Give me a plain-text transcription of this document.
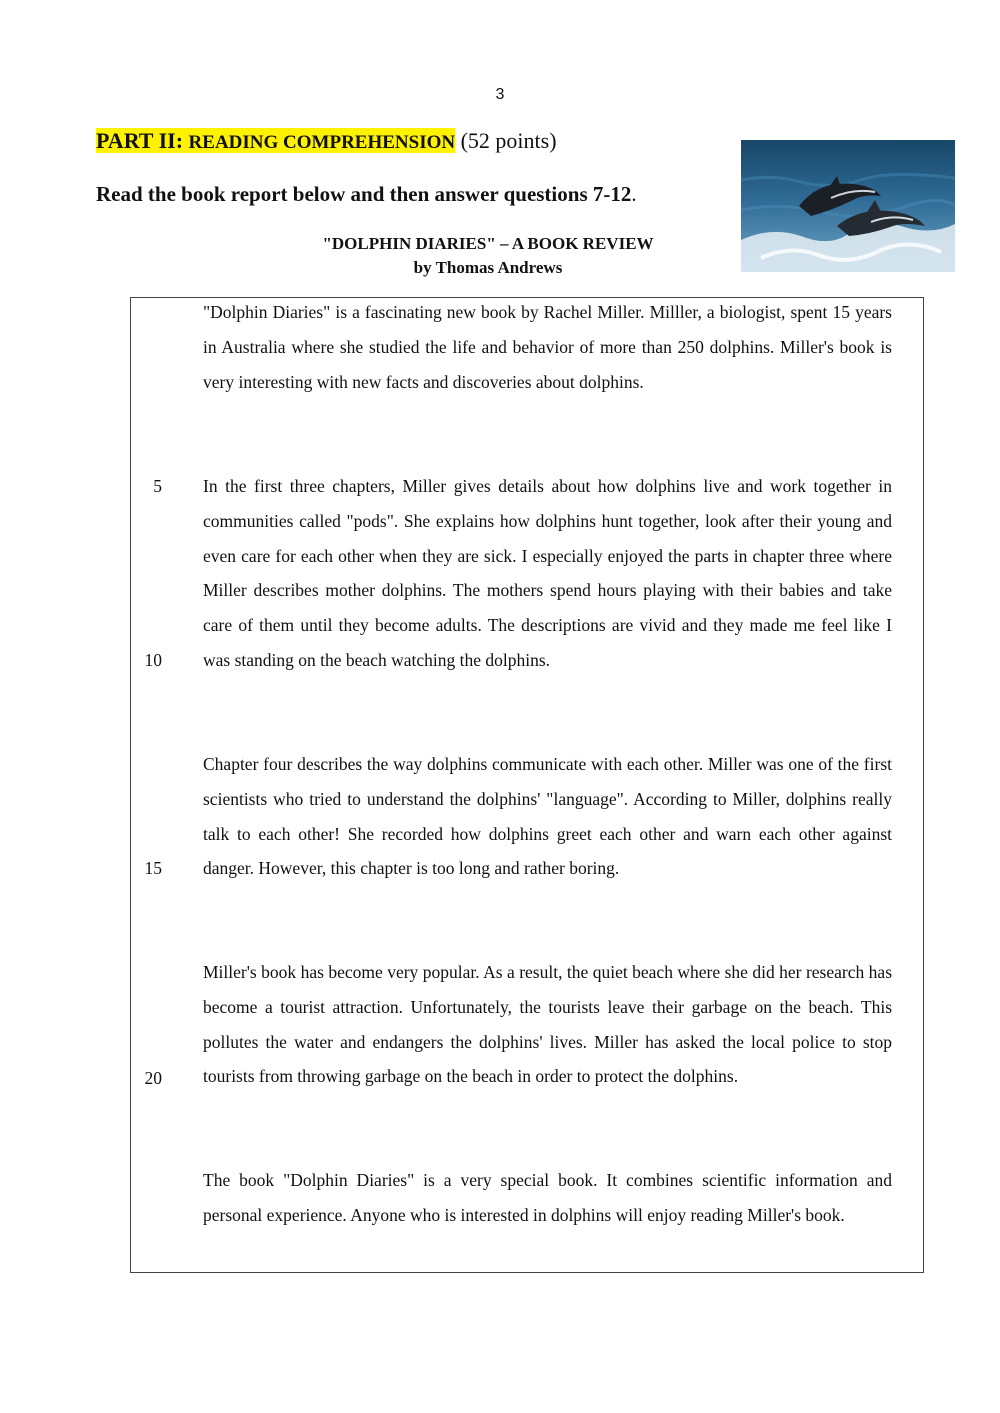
3
PART II: READING COMPREHENSION (52 points)
Read the book report below and then answer questions 7-12.
"DOLPHIN DIARIES" – A BOOK REVIEW
by Thomas Andrews
5
10
15
20

"Dolphin Diaries" is a fascinating new book by Rachel Miller. Milller, a biologist, spent 15 years in Australia where she studied the life and behavior of more than 250 dolphins. Miller's book is very interesting with new facts and discoveries about dolphins.

In the first three chapters, Miller gives details about how dolphins live and work together in communities called "pods". She explains how dolphins hunt together, look after their young and even care for each other when they are sick. I especially enjoyed the parts in chapter three where Miller describes mother dolphins. The mothers spend hours playing with their babies and take care of them until they become adults. The descriptions are vivid and they made me feel like I was standing on the beach watching the dolphins.

Chapter four describes the way dolphins communicate with each other. Miller was one of the first scientists who tried to understand the dolphins' "language". According to Miller, dolphins really talk to each other! She recorded how dolphins greet each other and warn each other against danger. However, this chapter is too long and rather boring.

Miller's book has become very popular. As a result, the quiet beach where she did her research has become a tourist attraction. Unfortunately, the tourists leave their garbage on the beach. This pollutes the water and endangers the dolphins' lives. Miller has asked the local police to stop tourists from throwing garbage on the beach in order to protect the dolphins.

The book "Dolphin Diaries" is a very special book. It combines scientific information and personal experience. Anyone who is interested in dolphins will enjoy reading Miller's book.
